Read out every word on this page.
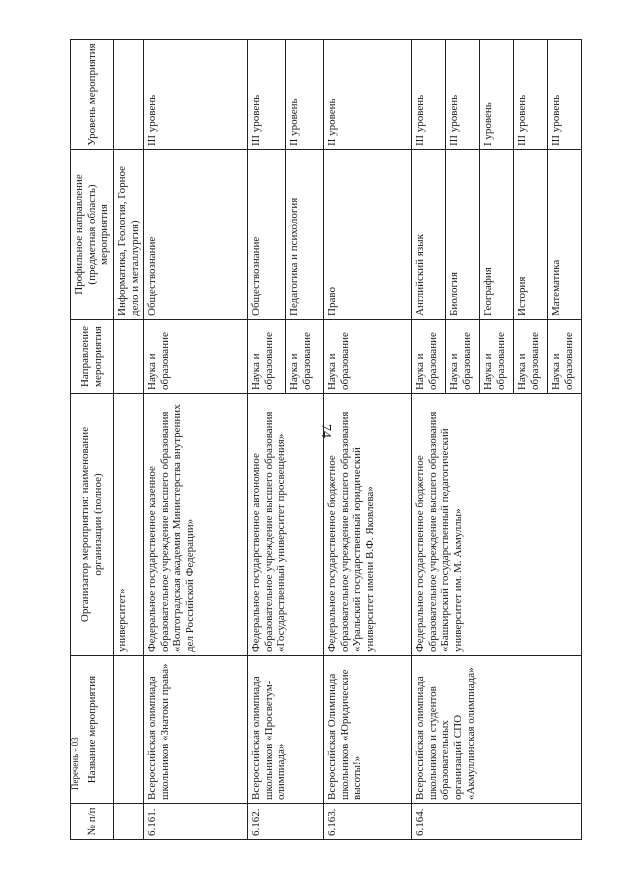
74
Перечень - 03
№ п/п	Название мероприятия	Организатор мероприятия: наименование организации (полное)	Направление мероприятия	Профильное направление (предметная область) мероприятия	Уровень мероприятия
		университет»		Информатика, Геология, Горное дело и металлургия)	
6.161.	Всероссийская олимпиада школьников «Знатоки права»	Федеральное государственное казенное образовательное учреждение высшего образования «Волгоградская академия Министерства внутренних дел Российской Федерации»	Наука и образование	Обществознание	III уровень
6.162.	Всероссийская олимпиада школьников «Просветум-олимпиада»	Федеральное государственное автономное образовательное учреждение высшего образования «Государственный университет просвещения»	Наука и образование	Обществознание	III уровень
			Наука и образование	Педагогика и психология	II уровень
6.163.	Всероссийская Олимпиада школьников «Юридические высоты!»	Федеральное государственное бюджетное образовательное учреждение высшего образования «Уральский государственный юридический университет имени В.Ф. Яковлева»	Наука и образование	Право	II уровень
6.164.	Всероссийская олимпиада школьников и студентов образовательных организаций СПО «Акмуллинская олимпиада»	Федеральное государственное бюджетное образовательное учреждение высшего образования «Башкирский государственный педагогический университет им. М. Акмуллы»	Наука и образование	Английский язык	III уровень
			Наука и образование	Биология	III уровень
			Наука и образование	География	I уровень
			Наука и образование	История	III уровень
			Наука и образование	Математика	III уровень
